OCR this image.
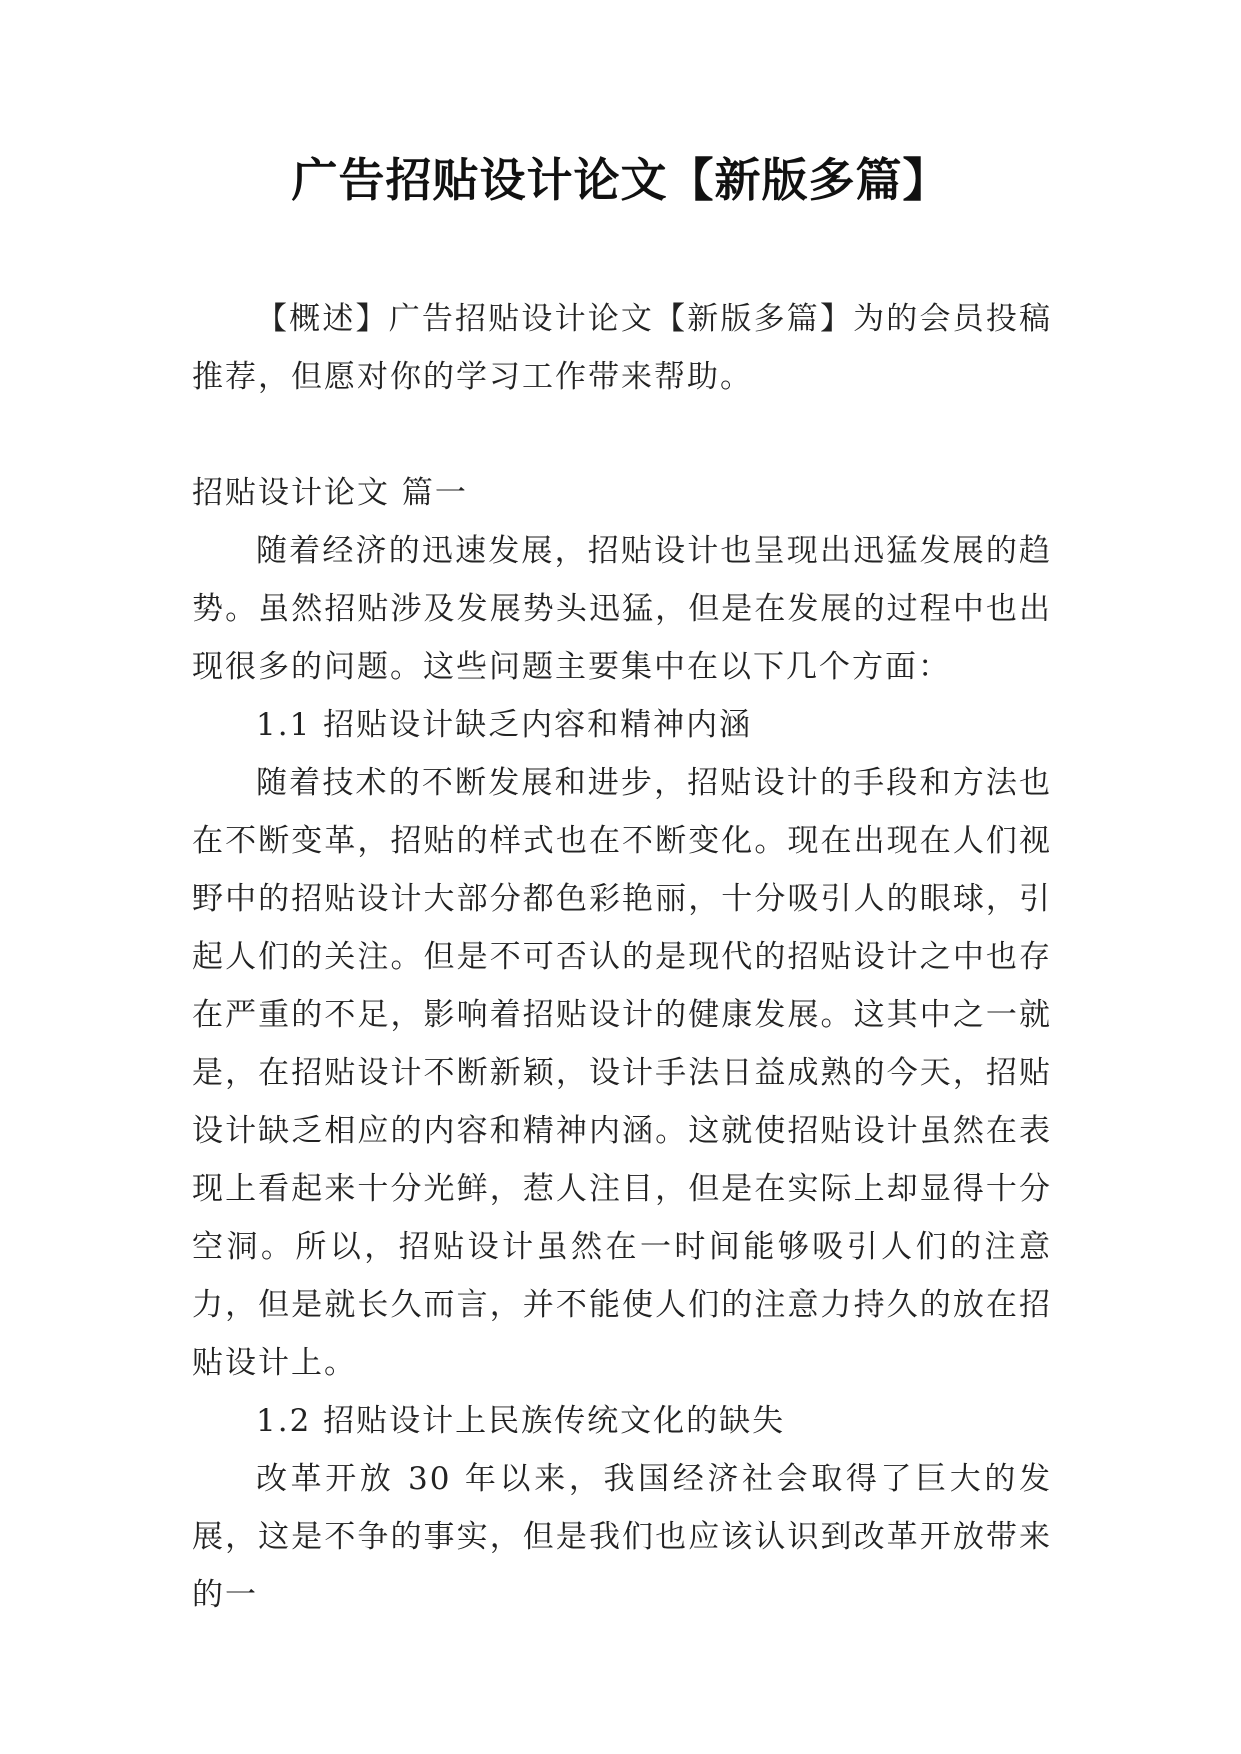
广告招贴设计论文【新版多篇】

【概述】广告招贴设计论文【新版多篇】为的会员投稿推荐，但愿对你的学习工作带来帮助。

招贴设计论文 篇一

随着经济的迅速发展，招贴设计也呈现出迅猛发展的趋势。虽然招贴涉及发展势头迅猛，但是在发展的过程中也出现很多的问题。这些问题主要集中在以下几个方面：

1.1 招贴设计缺乏内容和精神内涵

随着技术的不断发展和进步，招贴设计的手段和方法也在不断变革，招贴的样式也在不断变化。现在出现在人们视野中的招贴设计大部分都色彩艳丽，十分吸引人的眼球，引起人们的关注。但是不可否认的是现代的招贴设计之中也存在严重的不足，影响着招贴设计的健康发展。这其中之一就是，在招贴设计不断新颖，设计手法日益成熟的今天，招贴设计缺乏相应的内容和精神内涵。这就使招贴设计虽然在表现上看起来十分光鲜，惹人注目，但是在实际上却显得十分空洞。所以，招贴设计虽然在一时间能够吸引人们的注意力，但是就长久而言，并不能使人们的注意力持久的放在招贴设计上。

1.2 招贴设计上民族传统文化的缺失

改革开放 30 年以来，我国经济社会取得了巨大的发展，这是不争的事实，但是我们也应该认识到改革开放带来的一
